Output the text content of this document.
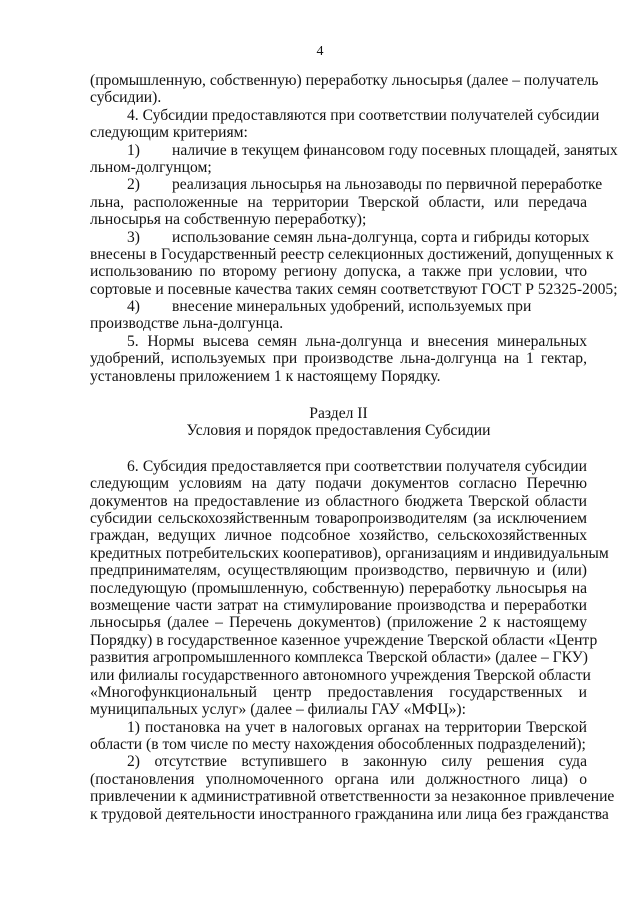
4
(промышленную, собственную) переработку льносырья (далее – получатель
субсидии).
4. Субсидии предоставляются при соответствии получателей субсидии
следующим критериям:
1) наличие в текущем финансовом году посевных площадей, занятых
льном-долгунцом;
2) реализация льносырья на льнозаводы по первичной переработке
льна, расположенные на территории Тверской области, или передача
льносырья на собственную переработку);
3) использование семян льна-долгунца, сорта и гибриды которых
внесены в Государственный реестр селекционных достижений, допущенных к
использованию по второму региону допуска, а также при условии, что
сортовые и посевные качества таких семян соответствуют ГОСТ Р 52325-2005;
4) внесение минеральных удобрений, используемых при
производстве льна-долгунца.
5. Нормы высева семян льна-долгунца и внесения минеральных
удобрений, используемых при производстве льна-долгунца на 1 гектар,
установлены приложением 1 к настоящему Порядку.
Раздел II
Условия и порядок предоставления Субсидии
6. Субсидия предоставляется при соответствии получателя субсидии
следующим условиям на дату подачи документов согласно Перечню
документов на предоставление из областного бюджета Тверской области
субсидии сельскохозяйственным товаропроизводителям (за исключением
граждан, ведущих личное подсобное хозяйство, сельскохозяйственных
кредитных потребительских кооперативов), организациям и индивидуальным
предпринимателям, осуществляющим производство, первичную и (или)
последующую (промышленную, собственную) переработку льносырья на
возмещение части затрат на стимулирование производства и переработки
льносырья (далее – Перечень документов) (приложение 2 к настоящему
Порядку) в государственное казенное учреждение Тверской области «Центр
развития агропромышленного комплекса Тверской области» (далее – ГКУ)
или филиалы государственного автономного учреждения Тверской области
«Многофункциональный центр предоставления государственных и
муниципальных услуг» (далее – филиалы ГАУ «МФЦ»):
1) постановка на учет в налоговых органах на территории Тверской
области (в том числе по месту нахождения обособленных подразделений);
2) отсутствие вступившего в законную силу решения суда
(постановления уполномоченного органа или должностного лица) о
привлечении к административной ответственности за незаконное привлечение
к трудовой деятельности иностранного гражданина или лица без гражданства
